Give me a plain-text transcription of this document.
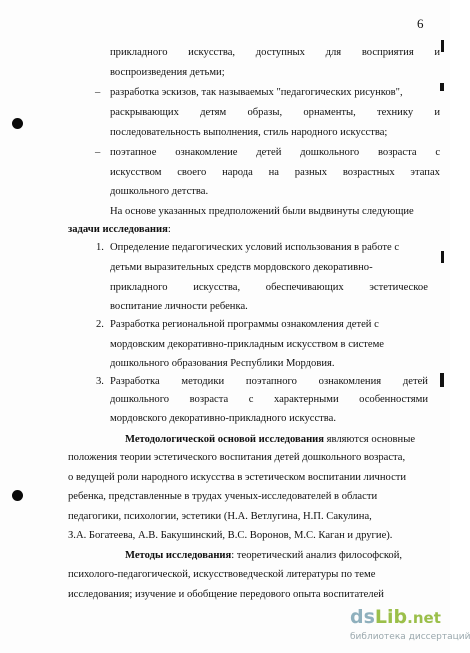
6
прикладного искусства, доступных для восприятия и
воспроизведения детьми;
– разработка эскизов, так называемых "педагогических рисунков",
раскрывающих детям образы, орнаменты, технику и
последовательность выполнения, стиль народного искусства;
– поэтапное ознакомление детей дошкольного возраста с
искусством своего народа на разных возрастных этапах
дошкольного детства.
На основе указанных предположений были выдвинуты следующие
задачи исследования:
1. Определение педагогических условий использования в работе с
детьми выразительных средств мордовского декоративно-
прикладного искусства, обеспечивающих эстетическое
воспитание личности ребенка.
2. Разработка региональной программы ознакомления детей с
мордовским декоративно-прикладным искусством в системе
дошкольного образования Республики Мордовия.
3. Разработка методики поэтапного ознакомления детей
дошкольного возраста с характерными особенностями
мордовского декоративно-прикладного искусства.
Методологической основой исследования являются основные
положения теории эстетического воспитания детей дошкольного возраста,
о ведущей роли народного искусства в эстетическом воспитании личности
ребенка, представленные в трудах ученых-исследователей в области
педагогики, психологии, эстетики (Н.А. Ветлугина, Н.П. Сакулина,
З.А. Богатеева, А.В. Бакушинский, В.С. Воронов, М.С. Каган и другие).
Методы исследования: теоретический анализ философской,
психолого-педагогической, искусствоведческой литературы по теме
исследования; изучение и обобщение передового опыта воспитателей
dsLib.net
библиотека диссертаций
